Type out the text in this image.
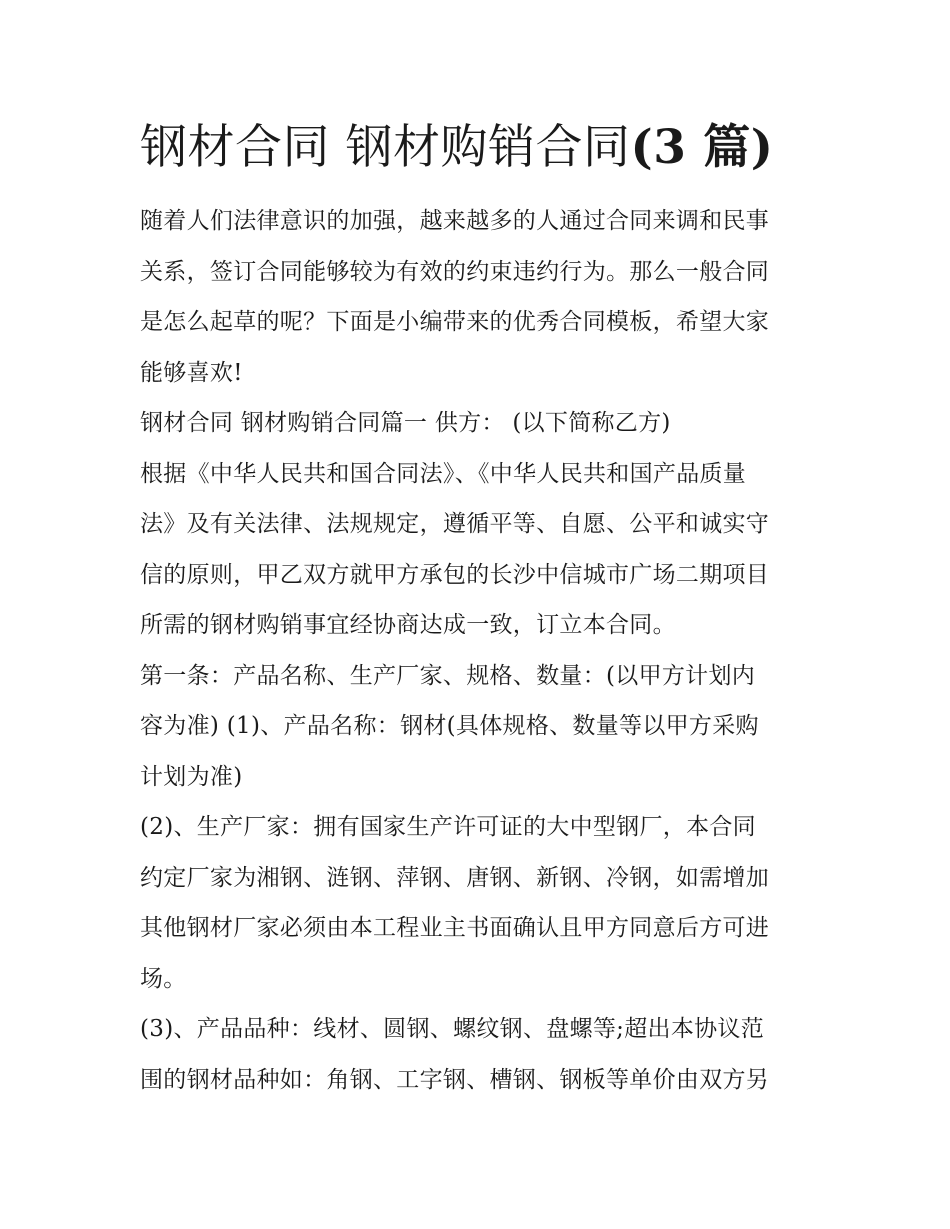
钢材合同 钢材购销合同(3 篇)
随着人们法律意识的加强，越来越多的人通过合同来调和民事
关系，签订合同能够较为有效的约束违约行为。那么一般合同
是怎么起草的呢？下面是小编带来的优秀合同模板，希望大家
能够喜欢!
钢材合同 钢材购销合同篇一 供方： (以下简称乙方)
根据《中华人民共和国合同法》、《中华人民共和国产品质量
法》及有关法律、法规规定，遵循平等、自愿、公平和诚实守
信的原则，甲乙双方就甲方承包的长沙中信城市广场二期项目
所需的钢材购销事宜经协商达成一致，订立本合同。
第一条：产品名称、生产厂家、规格、数量：(以甲方计划内
容为准) (1)、产品名称：钢材(具体规格、数量等以甲方采购
计划为准)
(2)、生产厂家：拥有国家生产许可证的大中型钢厂，本合同
约定厂家为湘钢、涟钢、萍钢、唐钢、新钢、冷钢，如需增加
其他钢材厂家必须由本工程业主书面确认且甲方同意后方可进
场。
(3)、产品品种：线材、圆钢、螺纹钢、盘螺等;超出本协议范
围的钢材品种如：角钢、工字钢、槽钢、钢板等单价由双方另
